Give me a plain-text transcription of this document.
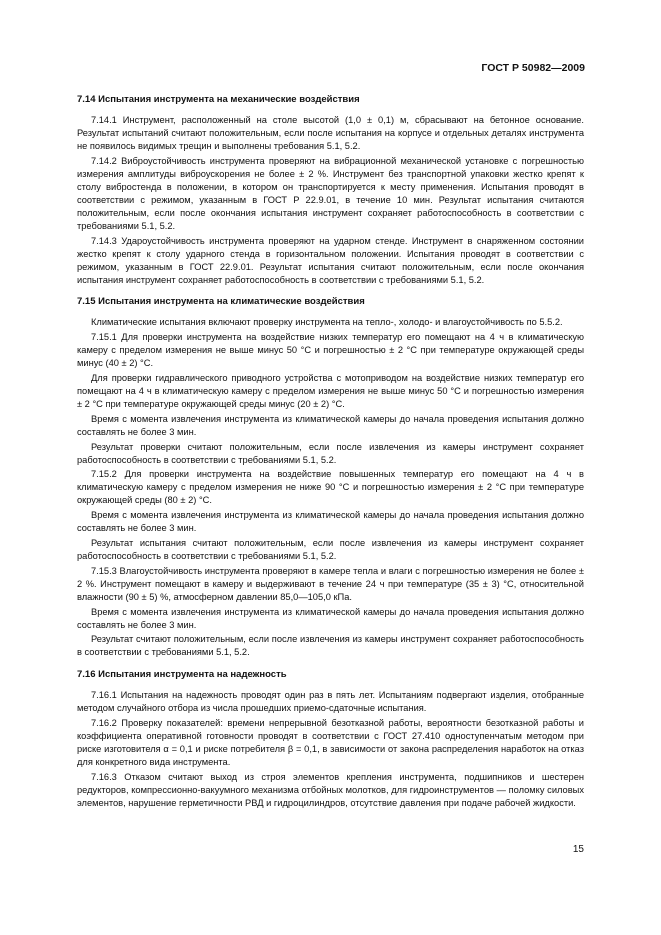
ГОСТ Р 50982—2009
7.14 Испытания инструмента на механические воздействия
7.14.1 Инструмент, расположенный на столе высотой (1,0 ± 0,1) м, сбрасывают на бетонное основание. Результат испытаний считают положительным, если после испытания на корпусе и отдельных деталях инструмента не появилось видимых трещин и выполнены требования 5.1, 5.2.
7.14.2 Виброустойчивость инструмента проверяют на вибрационной механической установке с погрешностью измерения амплитуды виброускорения не более ± 2 %. Инструмент без транспортной упаковки жестко крепят к столу вибростенда в положении, в котором он транспортируется к месту применения. Испытания проводят в соответствии с режимом, указанным в ГОСТ Р 22.9.01, в течение 10 мин. Результат испытания считаются положительным, если после окончания испытания инструмент сохраняет работоспособность в соответствии с требованиями 5.1, 5.2.
7.14.3 Удароустойчивость инструмента проверяют на ударном стенде. Инструмент в снаряженном состоянии жестко крепят к столу ударного стенда в горизонтальном положении. Испытания проводят в соответствии с режимом, указанным в ГОСТ 22.9.01. Результат испытания считают положительным, если после окончания испытания инструмент сохраняет работоспособность в соответствии с требованиями 5.1, 5.2.
7.15 Испытания инструмента на климатические воздействия
Климатические испытания включают проверку инструмента на тепло-, холодо- и влагоустойчивость по 5.5.2.
7.15.1 Для проверки инструмента на воздействие низких температур его помещают на 4 ч в климатическую камеру с пределом измерения не выше минус 50 °С и погрешностью ± 2 °С при температуре окружающей среды минус (40 ± 2) °С.
Для проверки гидравлического приводного устройства с мотоприводом на воздействие низких температур его помещают на 4 ч в климатическую камеру с пределом измерения не выше минус 50 °С и погрешностью измерения ± 2 °С при температуре окружающей среды минус (20 ± 2) °С.
Время с момента извлечения инструмента из климатической камеры до начала проведения испытания должно составлять не более 3 мин.
Результат проверки считают положительным, если после извлечения из камеры инструмент сохраняет работоспособность в соответствии с требованиями 5.1, 5.2.
7.15.2 Для проверки инструмента на воздействие повышенных температур его помещают на 4 ч в климатическую камеру с пределом измерения не ниже 90 °С и погрешностью измерения ± 2 °С при температуре окружающей среды (80 ± 2) °С.
Время с момента извлечения инструмента из климатической камеры до начала проведения испытания должно составлять не более 3 мин.
Результат испытания считают положительным, если после извлечения из камеры инструмент сохраняет работоспособность в соответствии с требованиями 5.1, 5.2.
7.15.3 Влагоустойчивость инструмента проверяют в камере тепла и влаги с погрешностью измерения не более ± 2 %. Инструмент помещают в камеру и выдерживают в течение 24 ч при температуре (35 ± 3) °С, относительной влажности (90 ± 5) %, атмосферном давлении 85,0—105,0 кПа.
Время с момента извлечения инструмента из климатической камеры до начала проведения испытания должно составлять не более 3 мин.
Результат считают положительным, если после извлечения из камеры инструмент сохраняет работоспособность в соответствии с требованиями 5.1, 5.2.
7.16 Испытания инструмента на надежность
7.16.1 Испытания на надежность проводят один раз в пять лет. Испытаниям подвергают изделия, отобранные методом случайного отбора из числа прошедших приемо-сдаточные испытания.
7.16.2 Проверку показателей: времени непрерывной безотказной работы, вероятности безотказной работы и коэффициента оперативной готовности проводят в соответствии с ГОСТ 27.410 одноступенчатым методом при риске изготовителя α = 0,1 и риске потребителя β = 0,1, в зависимости от закона распределения наработок на отказ для конкретного вида инструмента.
7.16.3 Отказом считают выход из строя элементов крепления инструмента, подшипников и шестерен редукторов, компрессионно-вакуумного механизма отбойных молотков, для гидроинструментов — поломку силовых элементов, нарушение герметичности РВД и гидроцилиндров, отсутствие давления при подаче рабочей жидкости.
15
